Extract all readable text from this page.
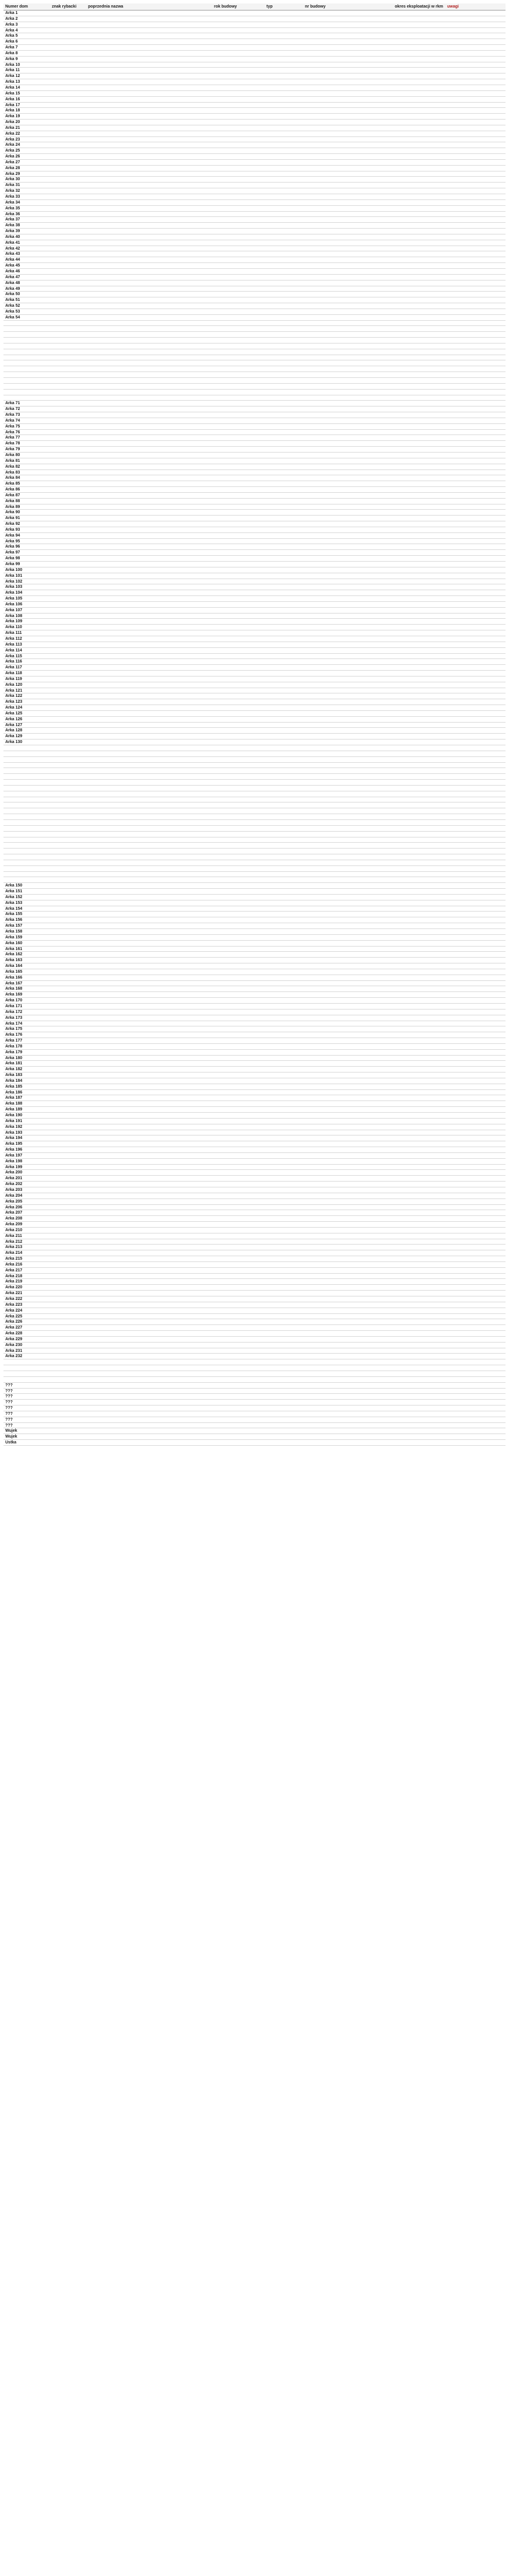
Numer dom	znak rybacki	poprzednia nazwa	rok budowy	typ	nr budowy	okres eksploatacji w rkm	uwagi
Arka 1
Arka 2
Arka 3
Arka 4
Arka 5
Arka 6
Arka 7
Arka 8
Arka 9
Arka 10
Arka 11
Arka 12
Arka 13
Arka 14
Arka 15
Arka 16
Arka 17
Arka 18
Arka 19
Arka 20
Arka 21
Arka 22
Arka 23
Arka 24
Arka 25
Arka 26
Arka 27
Arka 28
Arka 29
Arka 30
Arka 31
Arka 32
Arka 33
Arka 34
Arka 35
Arka 36
Arka 37
Arka 38
Arka 39
Arka 40
Arka 41
Arka 42
Arka 43
Arka 44
Arka 45
Arka 46
Arka 47
Arka 48
Arka 49
Arka 50
Arka 51
Arka 52
Arka 53
Arka 54
Arka 71
Arka 72
Arka 73
Arka 74
Arka 75
Arka 76
Arka 77
Arka 78
Arka 79
Arka 80
Arka 81
Arka 82
Arka 83
Arka 84
Arka 85
Arka 86
Arka 87
Arka 88
Arka 89
Arka 90
Arka 91
Arka 92
Arka 93
Arka 94
Arka 95
Arka 96
Arka 97
Arka 98
Arka 99
Arka 100
Arka 101
Arka 102
Arka 103
Arka 104
Arka 105
Arka 106
Arka 107
Arka 108
Arka 109
Arka 110
Arka 111
Arka 112
Arka 113
Arka 114
Arka 115
Arka 116
Arka 117
Arka 118
Arka 119
Arka 120
Arka 121
Arka 122
Arka 123
Arka 124
Arka 125
Arka 126
Arka 127
Arka 128
Arka 129
Arka 130
Arka 150
Arka 151
Arka 152
Arka 153
Arka 154
Arka 155
Arka 156
Arka 157
Arka 158
Arka 159
Arka 160
Arka 161
Arka 162
Arka 163
Arka 164
Arka 165
Arka 166
Arka 167
Arka 168
Arka 169
Arka 170
Arka 171
Arka 172
Arka 173
Arka 174
Arka 175
Arka 176
Arka 177
Arka 178
Arka 179
Arka 180
Arka 181
Arka 182
Arka 183
Arka 184
Arka 185
Arka 186
Arka 187
Arka 188
Arka 189
Arka 190
Arka 191
Arka 192
Arka 193
Arka 194
Arka 195
Arka 196
Arka 197
Arka 198
Arka 199
Arka 200
Arka 201
Arka 202
Arka 203
Arka 204
Arka 205
Arka 206
Arka 207
Arka 208
Arka 209
Arka 210
Arka 211
Arka 212
Arka 213
Arka 214
Arka 215
Arka 216
Arka 217
Arka 218
Arka 219
Arka 220
Arka 221
Arka 222
Arka 223
Arka 224
Arka 225
Arka 226
Arka 227
Arka 228
Arka 229
Arka 230
Arka 231
Arka 232
???
???
???
???
???
???
???
???
Wujek
Wujek
Ustka
